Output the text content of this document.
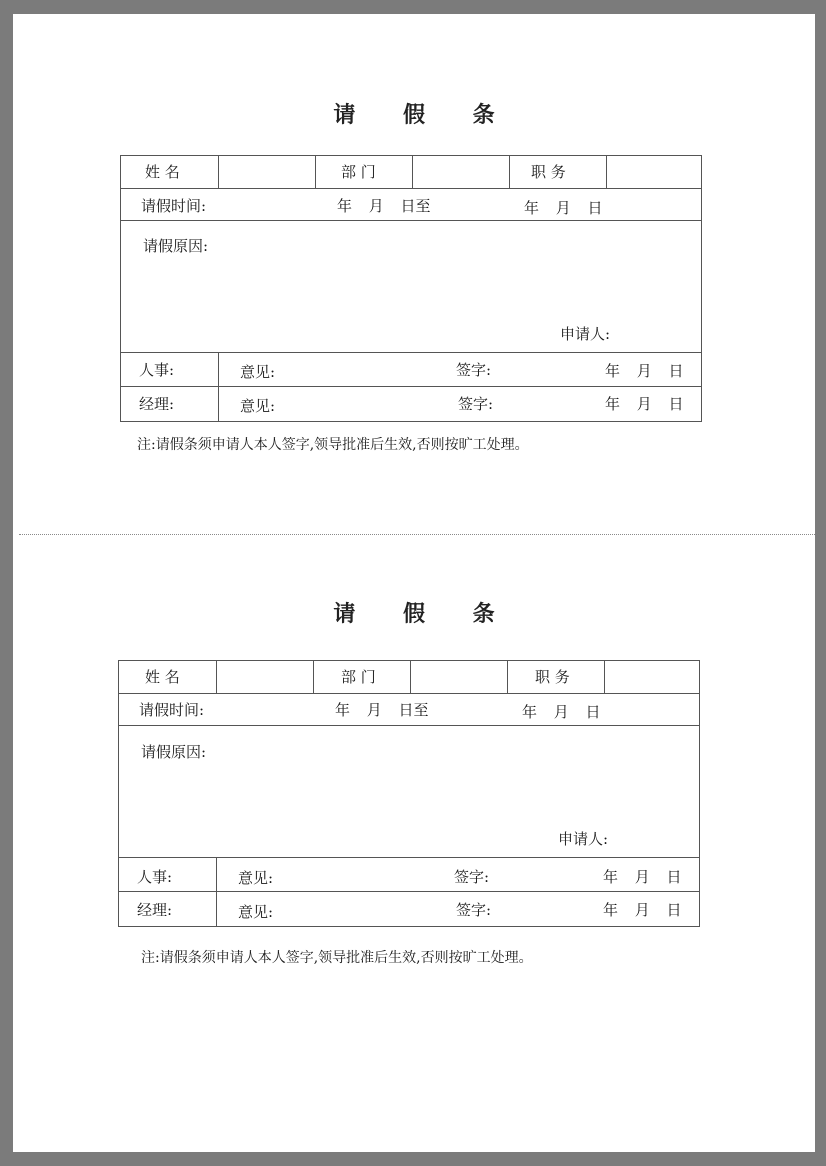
请 假 条
姓 名	部 门	职 务
请假时间:	年 月 日至	年 月 日
请假原因:
申请人:
人事:	意见:	签字:	年 月 日
经理:	意见:	签字:	年 月 日
注:请假条须申请人本人签字,领导批准后生效,否则按旷工处理。
请 假 条
姓 名	部 门	职 务
请假时间:	年 月 日至	年 月 日
请假原因:
申请人:
人事:	意见:	签字:	年 月 日
经理:	意见:	签字:	年 月 日
注:请假条须申请人本人签字,领导批准后生效,否则按旷工处理。
